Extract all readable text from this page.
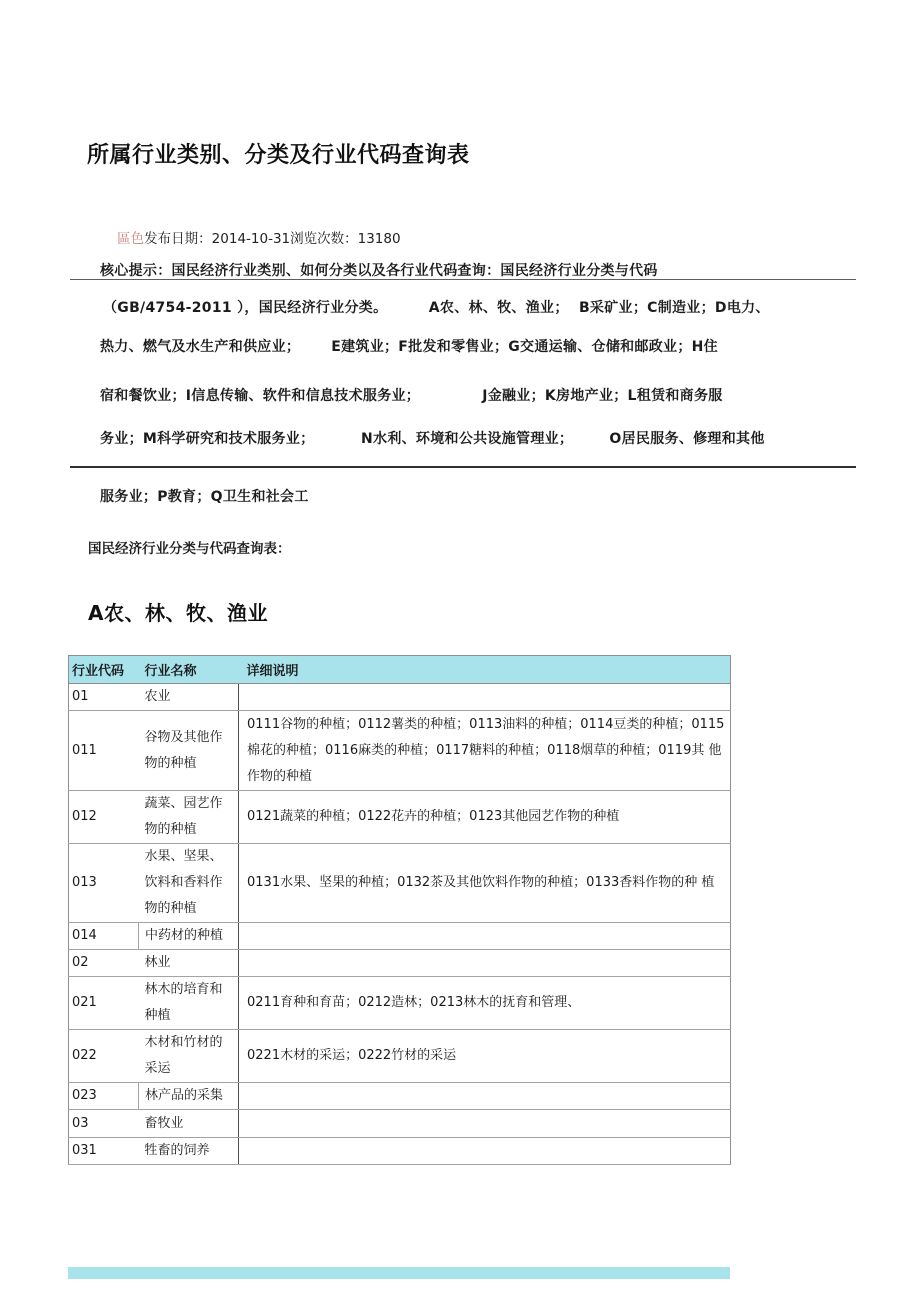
所属行业类别、分类及行业代码查询表

區色发布日期：2014-10-31浏览次数：13180

核心提示：国民经济行业类别、如何分类以及各行业代码查询：国民经济行业分类与代码

（GB/4754-2011 ），国民经济行业分类。        A农、林、牧、渔业；  B采矿业；C制造业；D电力、

热力、燃气及水生产和供应业；      E建筑业；F批发和零售业；G交通运输、仓储和邮政业；H住

宿和餐饮业；I信息传输、软件和信息技术服务业；            J金融业；K房地产业；L租赁和商务服

务业；M科学研究和技术服务业；         N水利、环境和公共设施管理业；       O居民服务、修理和其他

服务业；P教育；Q卫生和社会工

国民经济行业分类与代码查询表：
A农、林、牧、渔业
行业代码	行业名称	详细说明
01	农业	
011	谷物及其他作物的种植	0111谷物的种植；0112薯类的种植；0113油料的种植；0114豆类的种植；0115 棉花的种植；0116麻类的种植；0117糖料的种植；0118烟草的种植；0119其 他作物的种植
012	蔬菜、园艺作物的种植	0121蔬菜的种植；0122花卉的种植；0123其他园艺作物的种植
013	水果、坚果、饮料和香料作物的种植	0131水果、坚果的种植；0132茶及其他饮料作物的种植；0133香料作物的种 植
014	中药材的种植	
02	林业	
021	林木的培育和种植	0211育种和育苗；0212造林；0213林木的抚育和管理、
022	木材和竹材的采运	0221木材的采运；0222竹材的采运
023	林产品的采集	
03	畜牧业	
031	牲畜的饲养	
